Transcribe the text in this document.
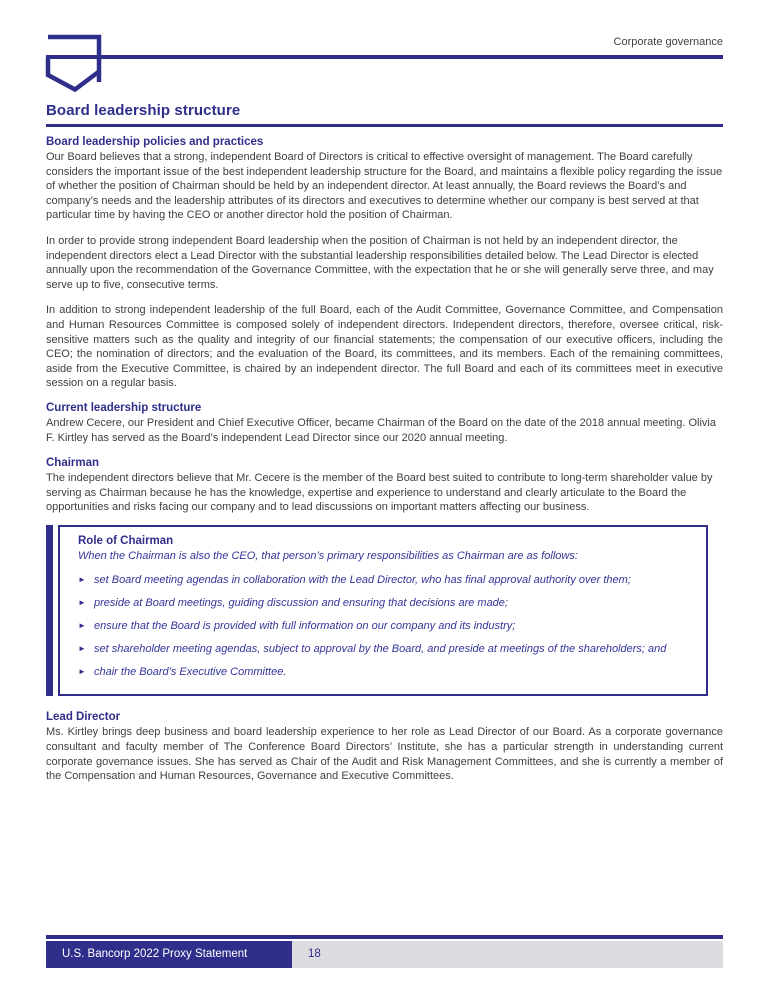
Corporate governance
Board leadership structure
Board leadership policies and practices

Our Board believes that a strong, independent Board of Directors is critical to effective oversight of management. The Board carefully considers the important issue of the best independent leadership structure for the Board, and maintains a flexible policy regarding the issue of whether the position of Chairman should be held by an independent director. At least annually, the Board reviews the Board’s and company’s needs and the leadership attributes of its directors and executives to determine whether our company is best served at that particular time by having the CEO or another director hold the position of Chairman.

In order to provide strong independent Board leadership when the position of Chairman is not held by an independent director, the independent directors elect a Lead Director with the substantial leadership responsibilities detailed below. The Lead Director is elected annually upon the recommendation of the Governance Committee, with the expectation that he or she will generally serve three, and may serve up to five, consecutive terms.

In addition to strong independent leadership of the full Board, each of the Audit Committee, Governance Committee, and Compensation and Human Resources Committee is composed solely of independent directors. Independent directors, therefore, oversee critical, risk-sensitive matters such as the quality and integrity of our financial statements; the compensation of our executive officers, including the CEO; the nomination of directors; and the evaluation of the Board, its committees, and its members. Each of the remaining committees, aside from the Executive Committee, is chaired by an independent director. The full Board and each of its committees meet in executive session on a regular basis.

Current leadership structure

Andrew Cecere, our President and Chief Executive Officer, became Chairman of the Board on the date of the 2018 annual meeting. Olivia F. Kirtley has served as the Board’s independent Lead Director since our 2020 annual meeting.

Chairman

The independent directors believe that Mr. Cecere is the member of the Board best suited to contribute to long-term shareholder value by serving as Chairman because he has the knowledge, expertise and experience to understand and clearly articulate to the Board the opportunities and risks facing our company and to lead discussions on important matters affecting our business.

Role of Chairman

When the Chairman is also the CEO, that person’s primary responsibilities as Chairman are as follows:

► set Board meeting agendas in collaboration with the Lead Director, who has final approval authority over them;
► preside at Board meetings, guiding discussion and ensuring that decisions are made;
► ensure that the Board is provided with full information on our company and its industry;
► set shareholder meeting agendas, subject to approval by the Board, and preside at meetings of the shareholders; and
► chair the Board’s Executive Committee.
Lead Director

Ms. Kirtley brings deep business and board leadership experience to her role as Lead Director of our Board. As a corporate governance consultant and faculty member of The Conference Board Directors’ Institute, she has a particular strength in understanding current corporate governance issues. She has served as Chair of the Audit and Risk Management Committees, and she is currently a member of the Compensation and Human Resources, Governance and Executive Committees.

U.S. Bancorp 2022 Proxy Statement	18
